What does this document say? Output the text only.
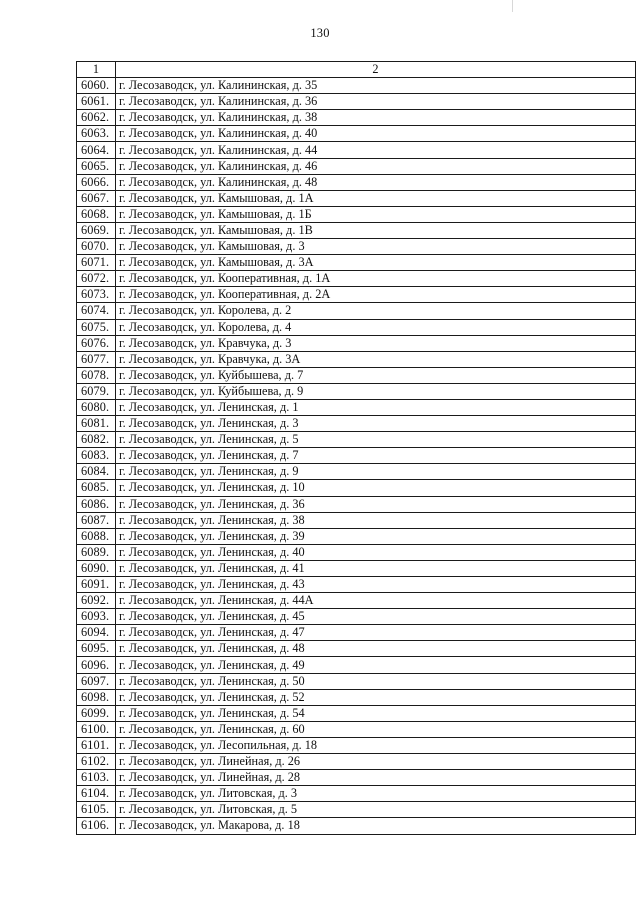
130
1	2
6060.	г. Лесозаводск, ул. Калининская, д. 35
6061.	г. Лесозаводск, ул. Калининская, д. 36
6062.	г. Лесозаводск, ул. Калининская, д. 38
6063.	г. Лесозаводск, ул. Калининская, д. 40
6064.	г. Лесозаводск, ул. Калининская, д. 44
6065.	г. Лесозаводск, ул. Калининская, д. 46
6066.	г. Лесозаводск, ул. Калининская, д. 48
6067.	г. Лесозаводск, ул. Камышовая, д. 1А
6068.	г. Лесозаводск, ул. Камышовая, д. 1Б
6069.	г. Лесозаводск, ул. Камышовая, д. 1В
6070.	г. Лесозаводск, ул. Камышовая, д. 3
6071.	г. Лесозаводск, ул. Камышовая, д. 3А
6072.	г. Лесозаводск, ул. Кооперативная, д. 1А
6073.	г. Лесозаводск, ул. Кооперативная, д. 2А
6074.	г. Лесозаводск, ул. Королева, д. 2
6075.	г. Лесозаводск, ул. Королева, д. 4
6076.	г. Лесозаводск, ул. Кравчука, д. 3
6077.	г. Лесозаводск, ул. Кравчука, д. 3А
6078.	г. Лесозаводск, ул. Куйбышева, д. 7
6079.	г. Лесозаводск, ул. Куйбышева, д. 9
6080.	г. Лесозаводск, ул. Ленинская, д. 1
6081.	г. Лесозаводск, ул. Ленинская, д. 3
6082.	г. Лесозаводск, ул. Ленинская, д. 5
6083.	г. Лесозаводск, ул. Ленинская, д. 7
6084.	г. Лесозаводск, ул. Ленинская, д. 9
6085.	г. Лесозаводск, ул. Ленинская, д. 10
6086.	г. Лесозаводск, ул. Ленинская, д. 36
6087.	г. Лесозаводск, ул. Ленинская, д. 38
6088.	г. Лесозаводск, ул. Ленинская, д. 39
6089.	г. Лесозаводск, ул. Ленинская, д. 40
6090.	г. Лесозаводск, ул. Ленинская, д. 41
6091.	г. Лесозаводск, ул. Ленинская, д. 43
6092.	г. Лесозаводск, ул. Ленинская, д. 44А
6093.	г. Лесозаводск, ул. Ленинская, д. 45
6094.	г. Лесозаводск, ул. Ленинская, д. 47
6095.	г. Лесозаводск, ул. Ленинская, д. 48
6096.	г. Лесозаводск, ул. Ленинская, д. 49
6097.	г. Лесозаводск, ул. Ленинская, д. 50
6098.	г. Лесозаводск, ул. Ленинская, д. 52
6099.	г. Лесозаводск, ул. Ленинская, д. 54
6100.	г. Лесозаводск, ул. Ленинская, д. 60
6101.	г. Лесозаводск, ул. Лесопильная, д. 18
6102.	г. Лесозаводск, ул. Линейная, д. 26
6103.	г. Лесозаводск, ул. Линейная, д. 28
6104.	г. Лесозаводск, ул. Литовская, д. 3
6105.	г. Лесозаводск, ул. Литовская, д. 5
6106.	г. Лесозаводск, ул. Макарова, д. 18
